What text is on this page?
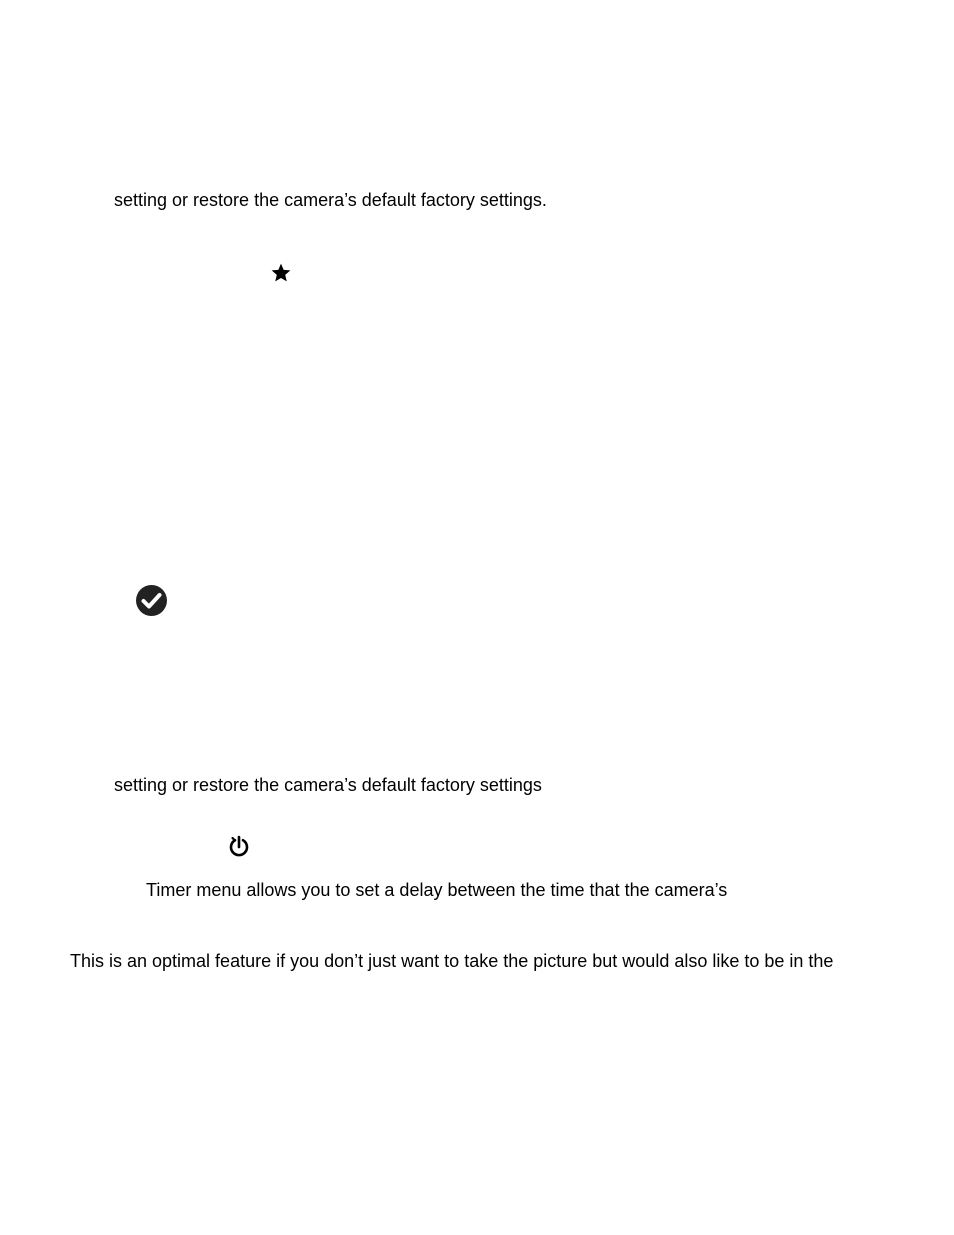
setting or restore the camera’s default factory settings.
setting or restore the camera’s default factory settings
Timer menu allows you to set a delay between the time that the camera’s
This is an optimal feature if you don’t just want to take the picture but would also like to be in the
